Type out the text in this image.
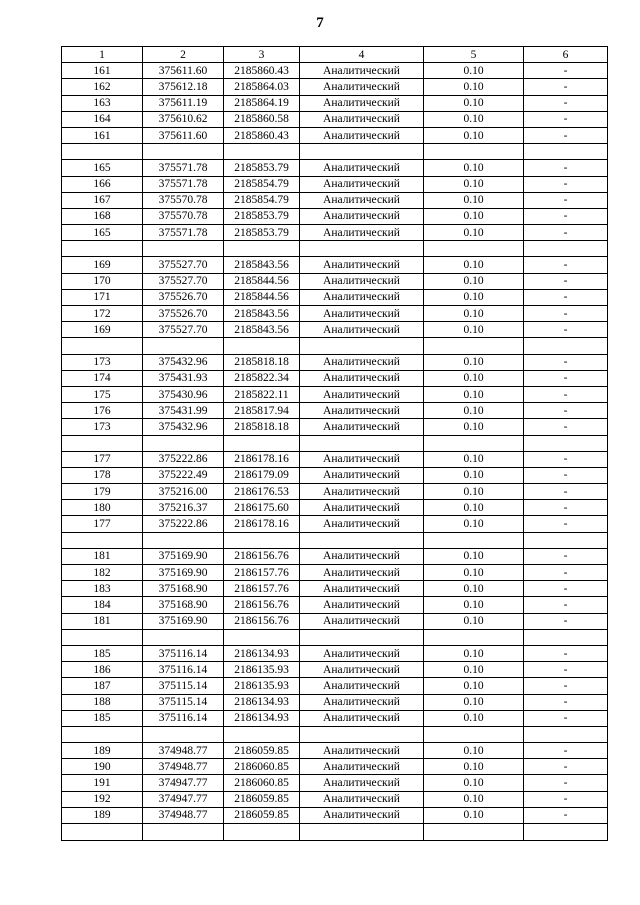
7
1	2	3	4	5	6
161	375611.60	2185860.43	Аналитический	0.10	-
162	375612.18	2185864.03	Аналитический	0.10	-
163	375611.19	2185864.19	Аналитический	0.10	-
164	375610.62	2185860.58	Аналитический	0.10	-
161	375611.60	2185860.43	Аналитический	0.10	-

165	375571.78	2185853.79	Аналитический	0.10	-
166	375571.78	2185854.79	Аналитический	0.10	-
167	375570.78	2185854.79	Аналитический	0.10	-
168	375570.78	2185853.79	Аналитический	0.10	-
165	375571.78	2185853.79	Аналитический	0.10	-

169	375527.70	2185843.56	Аналитический	0.10	-
170	375527.70	2185844.56	Аналитический	0.10	-
171	375526.70	2185844.56	Аналитический	0.10	-
172	375526.70	2185843.56	Аналитический	0.10	-
169	375527.70	2185843.56	Аналитический	0.10	-

173	375432.96	2185818.18	Аналитический	0.10	-
174	375431.93	2185822.34	Аналитический	0.10	-
175	375430.96	2185822.11	Аналитический	0.10	-
176	375431.99	2185817.94	Аналитический	0.10	-
173	375432.96	2185818.18	Аналитический	0.10	-

177	375222.86	2186178.16	Аналитический	0.10	-
178	375222.49	2186179.09	Аналитический	0.10	-
179	375216.00	2186176.53	Аналитический	0.10	-
180	375216.37	2186175.60	Аналитический	0.10	-
177	375222.86	2186178.16	Аналитический	0.10	-

181	375169.90	2186156.76	Аналитический	0.10	-
182	375169.90	2186157.76	Аналитический	0.10	-
183	375168.90	2186157.76	Аналитический	0.10	-
184	375168.90	2186156.76	Аналитический	0.10	-
181	375169.90	2186156.76	Аналитический	0.10	-

185	375116.14	2186134.93	Аналитический	0.10	-
186	375116.14	2186135.93	Аналитический	0.10	-
187	375115.14	2186135.93	Аналитический	0.10	-
188	375115.14	2186134.93	Аналитический	0.10	-
185	375116.14	2186134.93	Аналитический	0.10	-

189	374948.77	2186059.85	Аналитический	0.10	-
190	374948.77	2186060.85	Аналитический	0.10	-
191	374947.77	2186060.85	Аналитический	0.10	-
192	374947.77	2186059.85	Аналитический	0.10	-
189	374948.77	2186059.85	Аналитический	0.10	-
